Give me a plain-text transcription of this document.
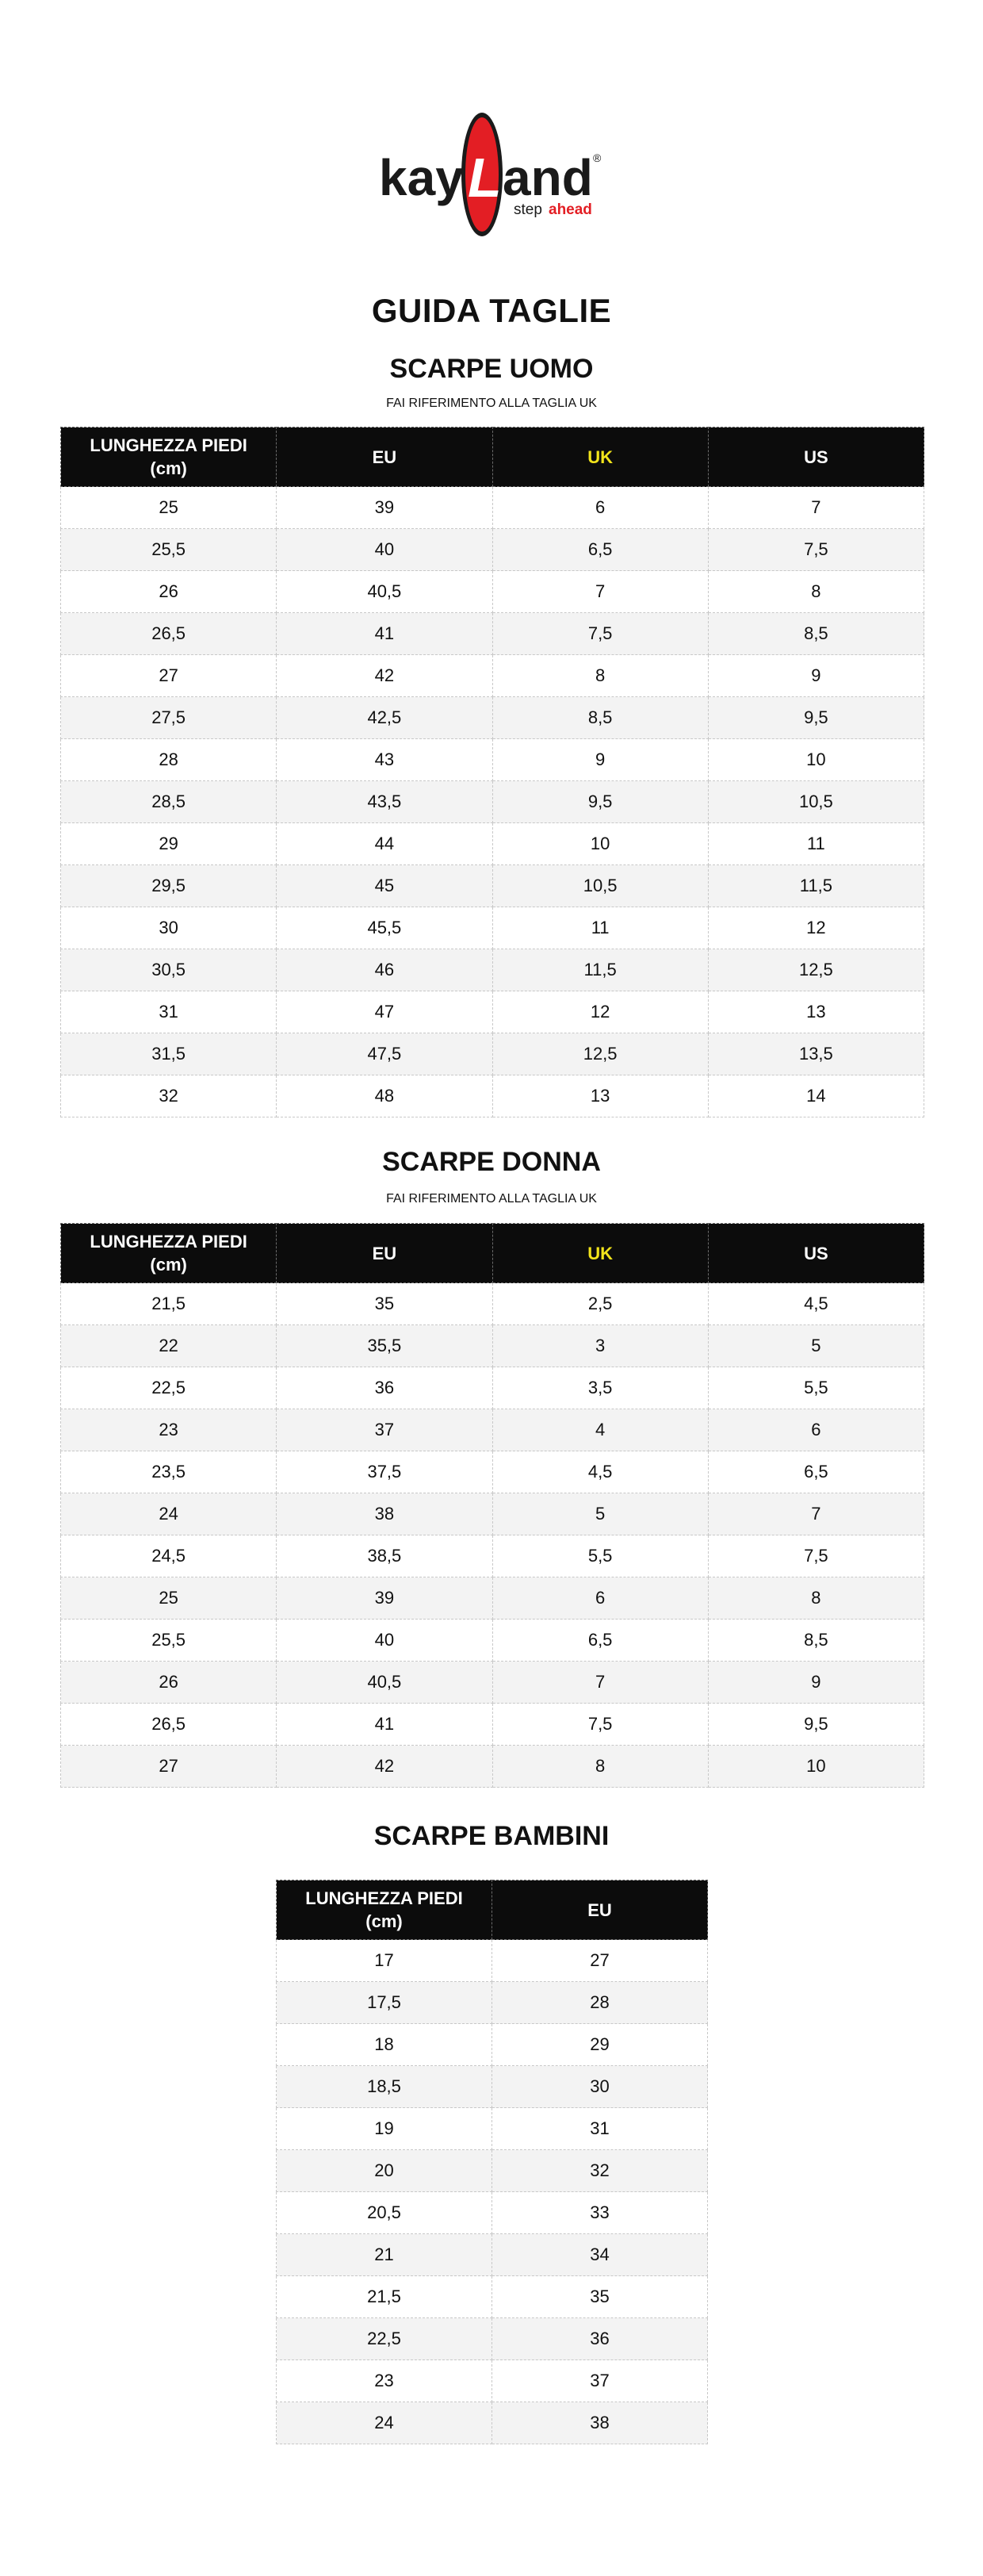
kay L and ®
step ahead
GUIDA TAGLIE
SCARPE UOMO
FAI RIFERIMENTO ALLA TAGLIA UK
LUNGHEZZA PIEDI
(cm)	EU	UK	US
25	39	6	7
25,5	40	6,5	7,5
26	40,5	7	8
26,5	41	7,5	8,5
27	42	8	9
27,5	42,5	8,5	9,5
28	43	9	10
28,5	43,5	9,5	10,5
29	44	10	11
29,5	45	10,5	11,5
30	45,5	11	12
30,5	46	11,5	12,5
31	47	12	13
31,5	47,5	12,5	13,5
32	48	13	14
SCARPE DONNA
FAI RIFERIMENTO ALLA TAGLIA UK
LUNGHEZZA PIEDI
(cm)	EU	UK	US
21,5	35	2,5	4,5
22	35,5	3	5
22,5	36	3,5	5,5
23	37	4	6
23,5	37,5	4,5	6,5
24	38	5	7
24,5	38,5	5,5	7,5
25	39	6	8
25,5	40	6,5	8,5
26	40,5	7	9
26,5	41	7,5	9,5
27	42	8	10
SCARPE BAMBINI
LUNGHEZZA PIEDI
(cm)	EU
17	27
17,5	28
18	29
18,5	30
19	31
20	32
20,5	33
21	34
21,5	35
22,5	36
23	37
24	38
